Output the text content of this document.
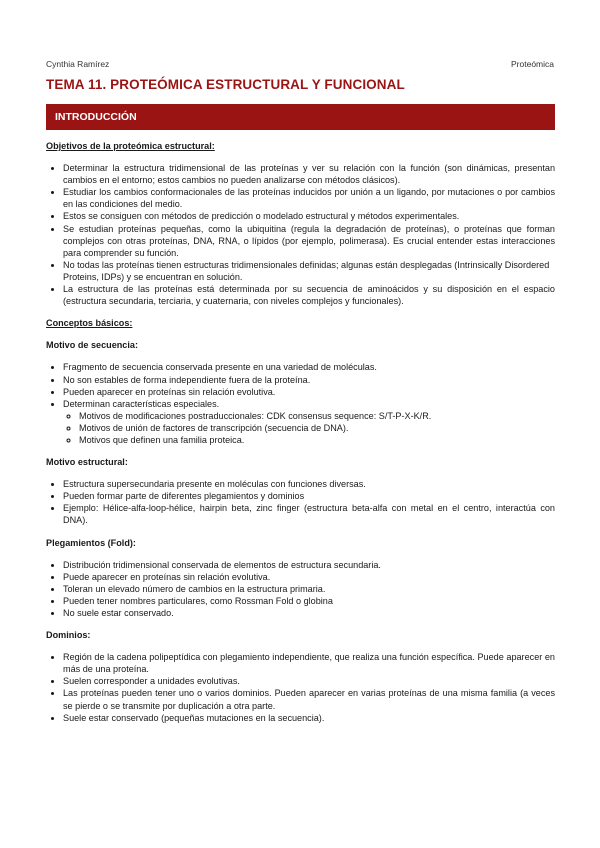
Cynthia Ramírez	Proteómica
TEMA 11. PROTEÓMICA ESTRUCTURAL Y FUNCIONAL
INTRODUCCIÓN
Objetivos de la proteómica estructural:
• Determinar la estructura tridimensional de las proteínas y ver su relación con la función (son dinámicas, presentan cambios en el entorno; estos cambios no pueden analizarse con métodos clásicos).
• Estudiar los cambios conformacionales de las proteínas inducidos por unión a un ligando, por mutaciones o por cambios en las condiciones del medio.
• Estos se consiguen con métodos de predicción o modelado estructural y métodos experimentales.
• Se estudian proteínas pequeñas, como la ubiquitina (regula la degradación de proteínas), o proteínas que forman complejos con otras proteínas, DNA, RNA, o lípidos (por ejemplo, polimerasa). Es crucial entender estas interacciones para comprender su función.
• No todas las proteínas tienen estructuras tridimensionales definidas; algunas están desplegadas (Intrinsically Disordered Proteins, IDPs) y se encuentran en solución.
• La estructura de las proteínas está determinada por su secuencia de aminoácidos y su disposición en el espacio (estructura secundaria, terciaria, y cuaternaria, con niveles complejos y funcionales).
Conceptos básicos:
Motivo de secuencia:
• Fragmento de secuencia conservada presente en una variedad de moléculas.
• No son estables de forma independiente fuera de la proteína.
• Pueden aparecer en proteínas sin relación evolutiva.
• Determinan características especiales.
◦ Motivos de modificaciones postraduccionales: CDK consensus sequence: S/T-P-X-K/R.
◦ Motivos de unión de factores de transcripción (secuencia de DNA).
◦ Motivos que definen una familia proteica.
Motivo estructural:
• Estructura supersecundaria presente en moléculas con funciones diversas.
• Pueden formar parte de diferentes plegamientos y dominios
• Ejemplo: Hélice-alfa-loop-hélice, hairpin beta, zinc finger (estructura beta-alfa con metal en el centro, interactúa con DNA).
Plegamientos (Fold):
• Distribución tridimensional conservada de elementos de estructura secundaria.
• Puede aparecer en proteínas sin relación evolutiva.
• Toleran un elevado número de cambios en la estructura primaria.
• Pueden tener nombres particulares, como Rossman Fold o globina
• No suele estar conservado.
Dominios:
• Región de la cadena polipeptídica con plegamiento independiente, que realiza una función específica. Puede aparecer en más de una proteína.
• Suelen corresponder a unidades evolutivas.
• Las proteínas pueden tener uno o varios dominios. Pueden aparecer en varias proteínas de una misma familia (a veces se pierde o se transmite por duplicación a otra parte.
• Suele estar conservado (pequeñas mutaciones en la secuencia).
